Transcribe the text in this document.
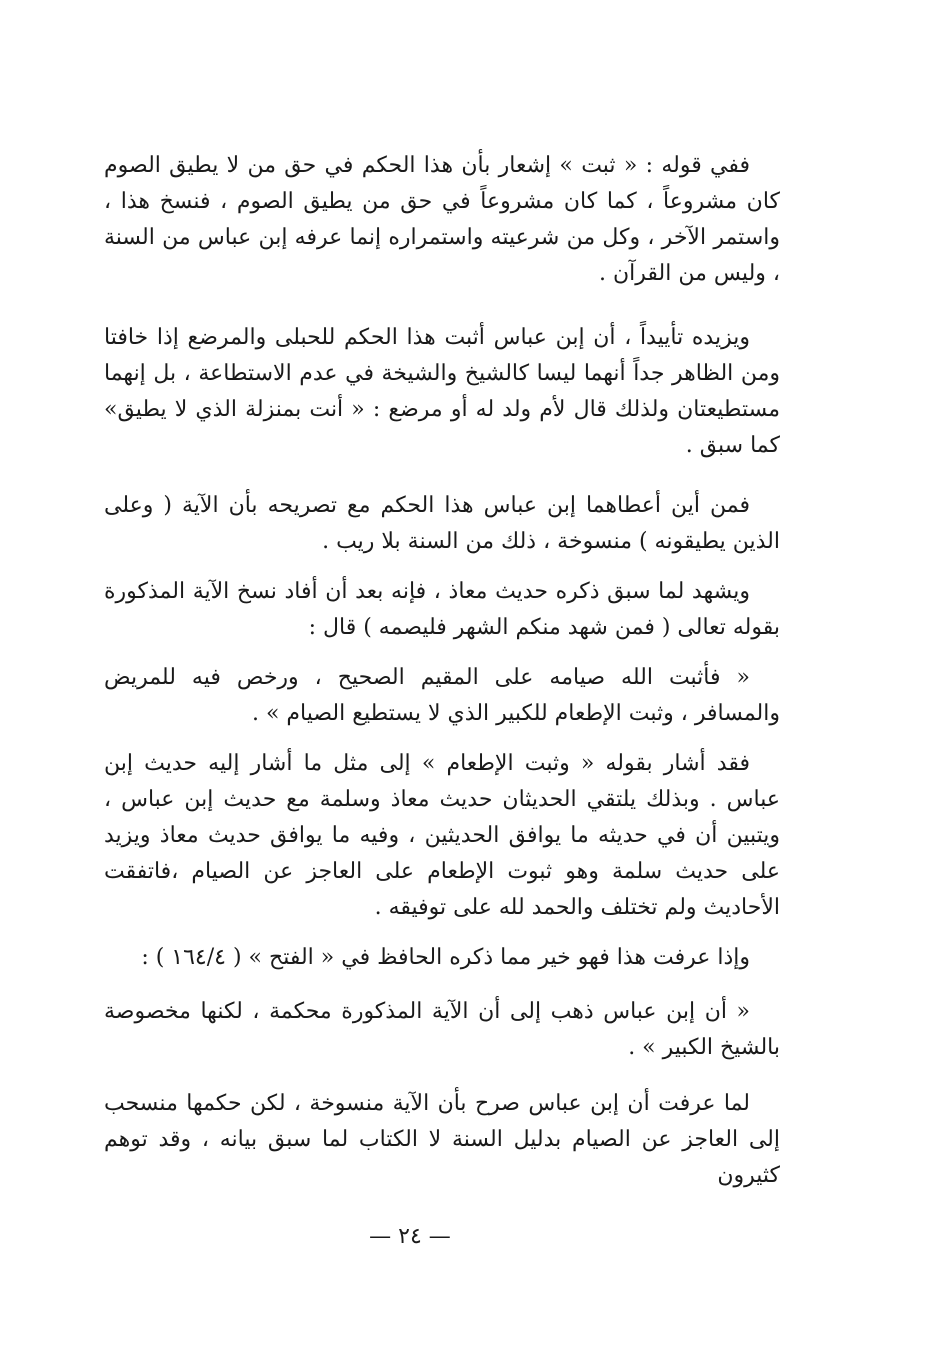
ففي قوله : « ثبت » إشعار بأن هذا الحكم في حق من لا يطيق الصوم كان مشروعاً ، كما كان مشروعاً في حق من يطيق الصوم ، فنسخ هذا ، واستمر الآخر ، وكل من شرعيته واستمراره إنما عرفه إبن عباس من السنة ، وليس من القرآن .

ويزيده تأييداً ، أن إبن عباس أثبت هذا الحكم للحبلى والمرضع إذا خافتا ومن الظاهر جداً أنهما ليسا كالشيخ والشيخة في عدم الاستطاعة ، بل إنهما مستطيعتان ولذلك قال لأم ولد له أو مرضع : « أنت بمنزلة الذي لا يطيق» كما سبق .

فمن أين أعطاهما إبن عباس هذا الحكم مع تصريحه بأن الآية ( وعلى الذين يطيقونه ) منسوخة ، ذلك من السنة بلا ريب .

ويشهد لما سبق ذكره حديث معاذ ، فإنه بعد أن أفاد نسخ الآية المذكورة بقوله تعالى ( فمن شهد منكم الشهر فليصمه ) قال :

« فأثبت الله صيامه على المقيم الصحيح ، ورخص فيه للمريض والمسافر ، وثبت الإطعام للكبير الذي لا يستطيع الصيام » .

فقد أشار بقوله « وثبت الإطعام » إلى مثل ما أشار إليه حديث إبن عباس . وبذلك يلتقي الحديثان حديث معاذ وسلمة مع حديث إبن عباس ، ويتبين أن في حديثه ما يوافق الحديثين ، وفيه ما يوافق حديث معاذ ويزيد على حديث سلمة وهو ثبوت الإطعام على العاجز عن الصيام ،فاتفقت الأحاديث ولم تختلف والحمد لله على توفيقه .

وإذا عرفت هذا فهو خير مما ذكره الحافظ في « الفتح » ( ١٦٤/٤ ) :

« أن إبن عباس ذهب إلى أن الآية المذكورة محكمة ، لكنها مخصوصة بالشيخ الكبير » .

لما عرفت أن إبن عباس صرح بأن الآية منسوخة ، لكن حكمها منسحب إلى العاجز عن الصيام بدليل السنة لا الكتاب لما سبق بيانه ، وقد توهم كثيرون

— ٢٤ —
